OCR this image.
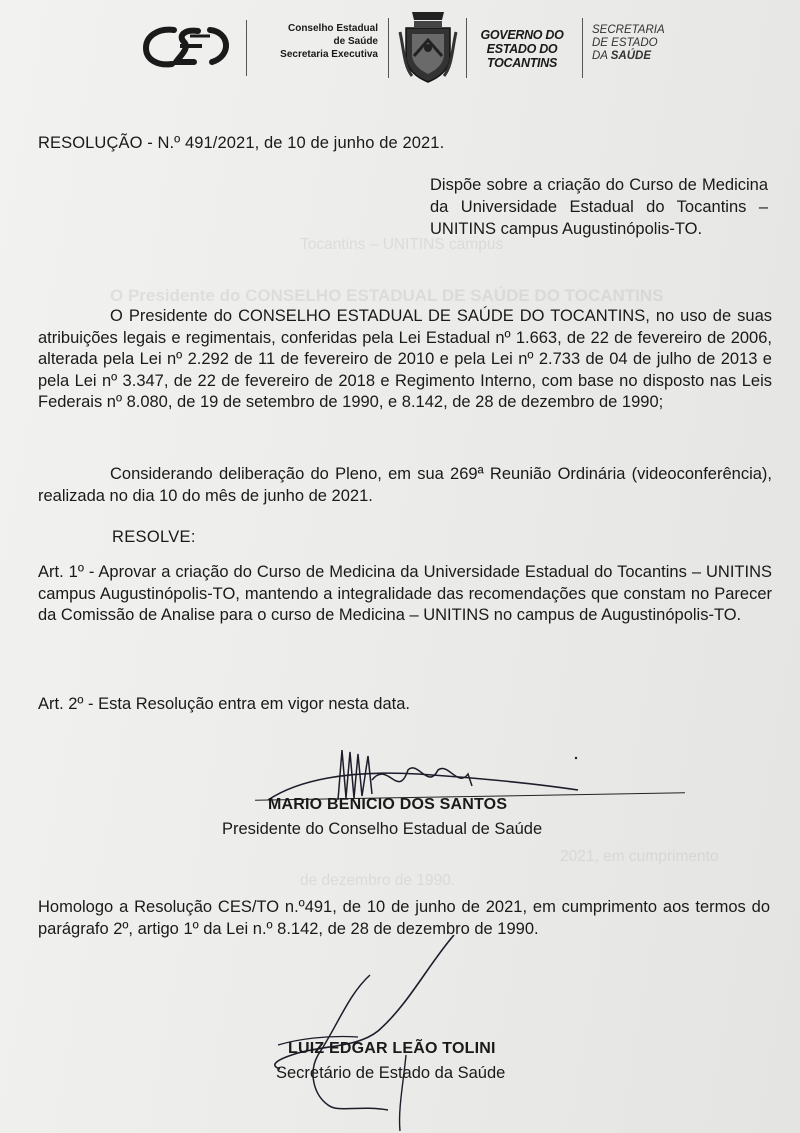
O Presidente do CONSELHO ESTADUAL DE SAÚDE DO TOCANTINS
Tocantins – UNITINS campus
2021, em cumprimento
de dezembro de 1990.
Conselho Estadual
de Saúde
Secretaria Executiva
GOVERNO DO
ESTADO DO
TOCANTINS
SECRETARIA
DE ESTADO
DA SAÚDE
RESOLUÇÃO - N.º 491/2021, de 10 de junho de 2021.
Dispõe sobre a criação do Curso de Medicina da Universidade Estadual do Tocantins – UNITINS campus Augustinópolis-TO.
O Presidente do CONSELHO ESTADUAL DE SAÚDE DO TOCANTINS, no uso de suas atribuições legais e regimentais, conferidas pela Lei Estadual nº 1.663, de 22 de fevereiro de 2006, alterada pela Lei nº 2.292 de 11 de fevereiro de 2010 e pela Lei nº 2.733 de 04 de julho de 2013 e pela Lei nº 3.347, de 22 de fevereiro de 2018 e Regimento Interno, com base no disposto nas Leis Federais nº 8.080, de 19 de setembro de 1990, e 8.142, de 28 de dezembro de 1990;
Considerando deliberação do Pleno, em sua 269ª Reunião Ordinária (videoconferência), realizada no dia 10 do mês de junho de 2021.
RESOLVE:
Art. 1º - Aprovar a criação do Curso de Medicina da Universidade Estadual do Tocantins – UNITINS campus Augustinópolis-TO, mantendo a integralidade das recomendações que constam no Parecer da Comissão de Analise para o curso de Medicina – UNITINS no campus de Augustinópolis-TO.
Art. 2º - Esta Resolução entra em vigor nesta data.
MARIO BENICIO DOS SANTOS
Presidente do Conselho Estadual de Saúde
Homologo a Resolução CES/TO n.º491, de 10 de junho de 2021, em cumprimento aos termos do parágrafo 2º, artigo 1º da Lei n.º 8.142, de 28 de dezembro de 1990.
LUIZ EDGAR LEÃO TOLINI
Secretário de Estado da Saúde
